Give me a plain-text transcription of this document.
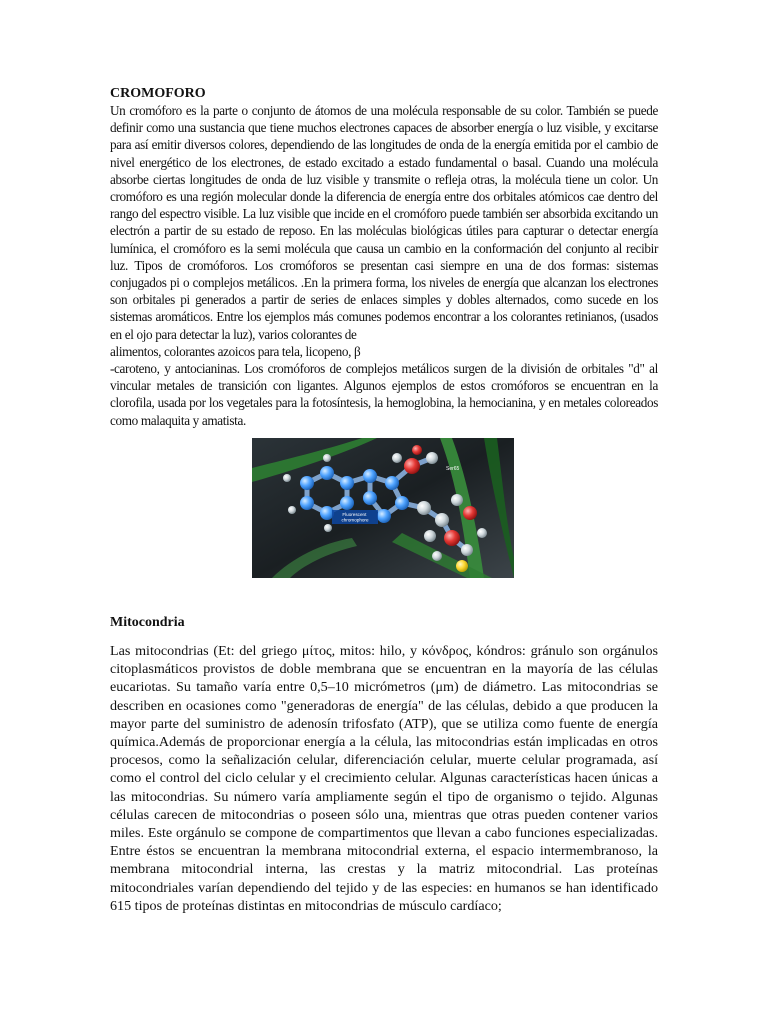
CROMOFORO

Un cromóforo es la parte o conjunto de átomos de una molécula responsable de su color. También se puede definir como una sustancia que tiene muchos electrones capaces de absorber energía o luz visible, y excitarse para así emitir diversos colores, dependiendo de las longitudes de onda de la energía emitida por el cambio de nivel energético de los electrones, de estado excitado a estado fundamental o basal. Cuando una molécula absorbe ciertas longitudes de onda de luz visible y transmite o refleja otras, la molécula tiene un color. Un cromóforo es una región molecular donde la diferencia de energía entre dos orbitales atómicos cae dentro del rango del espectro visible. La luz visible que incide en el cromóforo puede también ser absorbida excitando un electrón a partir de su estado de reposo. En las moléculas biológicas útiles para capturar o detectar energía lumínica, el cromóforo es la semi molécula que causa un cambio en la conformación del conjunto al recibir luz. Tipos de cromóforos. Los cromóforos se presentan casi siempre en una de dos formas: sistemas conjugados pi o complejos metálicos. .En la primera forma, los niveles de energía que alcanzan los electrones son orbitales pi generados a partir de series de enlaces simples y dobles alternados, como sucede en los sistemas aromáticos. Entre los ejemplos más comunes podemos encontrar a los colorantes retinianos, (usados en el ojo para detectar la luz), varios colorantes de

alimentos, colorantes azoicos para tela, licopeno, β

-caroteno, y antocianinas. Los cromóforos de complejos metálicos surgen de la división de orbitales "d" al vincular metales de transición con ligantes. Algunos ejemplos de estos cromóforos se encuentran en la clorofila, usada por los vegetales para la fotosíntesis, la hemoglobina, la hemocianina, y en metales coloreados como malaquita y amatista.

Fluorescent chromophore
Ser65
Mitocondria
Las mitocondrias (Et: del griego μίτος, mitos: hilo, y κόνδρος, kóndros: gránulo son orgánulos citoplasmáticos provistos de doble membrana que se encuentran en la mayoría de las células eucariotas. Su tamaño varía entre 0,5–10 micrómetros (μm) de diámetro. Las mitocondrias se describen en ocasiones como "generadoras de energía" de las células, debido a que producen la mayor parte del suministro de adenosín trifosfato (ATP), que se utiliza como fuente de energía química.Además de proporcionar energía a la célula, las mitocondrias están implicadas en otros procesos, como la señalización celular, diferenciación celular, muerte celular programada, así como el control del ciclo celular y el crecimiento celular. Algunas características hacen únicas a las mitocondrias. Su número varía ampliamente según el tipo de organismo o tejido. Algunas células carecen de mitocondrias o poseen sólo una, mientras que otras pueden contener varios miles. Este orgánulo se compone de compartimentos que llevan a cabo funciones especializadas. Entre éstos se encuentran la membrana mitocondrial externa, el espacio intermembranoso, la membrana mitocondrial interna, las crestas y la matriz mitocondrial. Las proteínas mitocondriales varían dependiendo del tejido y de las especies: en humanos se han identificado 615 tipos de proteínas distintas en mitocondrias de músculo cardíaco;
